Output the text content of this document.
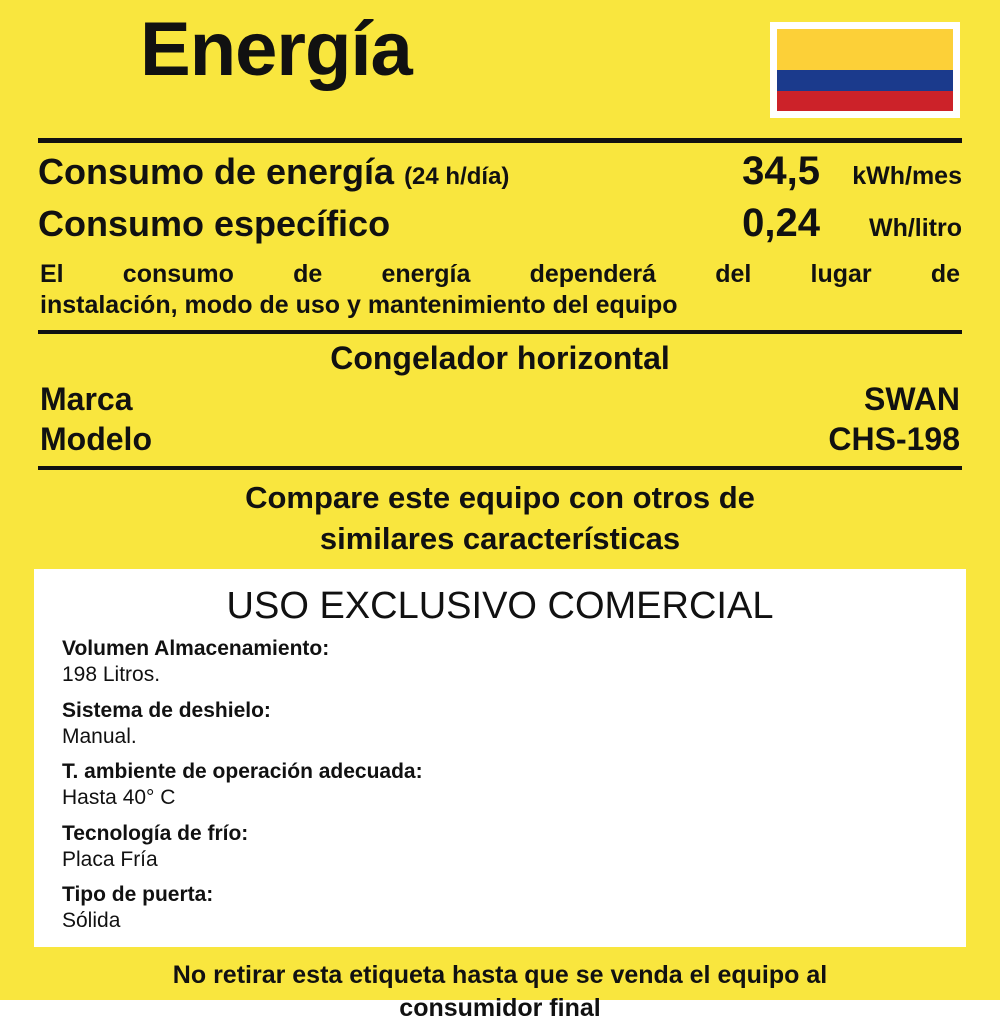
Energía
Consumo de energía (24 h/día)	34,5	kWh/mes
Consumo específico	0,24	Wh/litro
El consumo de energía dependerá del lugar de
instalación, modo de uso y mantenimiento del equipo
Congelador horizontal
Marca	SWAN
Modelo	CHS-198
Compare este equipo con otros de
similares características
USO EXCLUSIVO COMERCIAL
Volumen Almacenamiento:
198 Litros.
Sistema de deshielo:
Manual.
T. ambiente de operación adecuada:
Hasta 40° C
Tecnología de frío:
Placa Fría
Tipo de puerta:
Sólida
No retirar esta etiqueta hasta que se venda el equipo al
consumidor final
